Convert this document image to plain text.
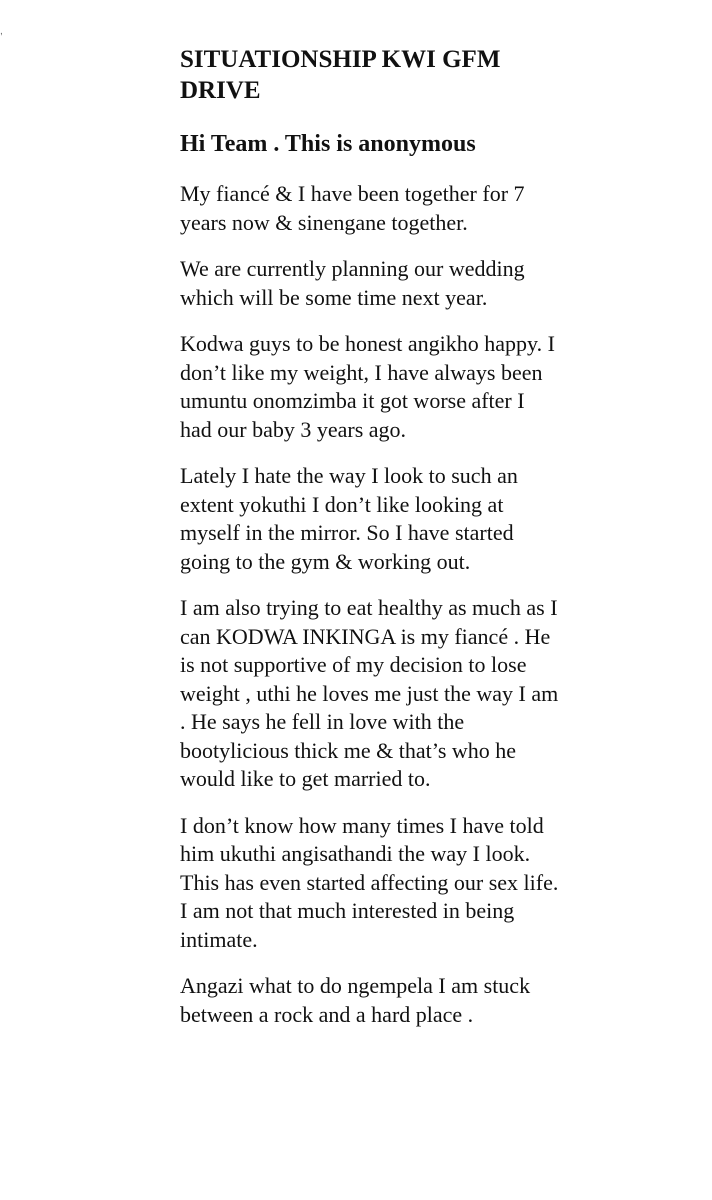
,
SITUATIONSHIP KWI GFM DRIVE
Hi Team . This is anonymous

My fiancé & I have been together for 7
years now & sinengane together.

We are currently planning our wedding
which will be some time next year.

Kodwa guys to be honest angikho happy. I
don’t like my weight, I have always been
umuntu onomzimba it got worse after I
had our baby 3 years ago.

Lately I hate the way I look to such an
extent yokuthi I don’t like looking at
myself in the mirror. So I have started
going to the gym & working out.

I am also trying to eat healthy as much as I
can KODWA INKINGA is my fiancé . He
is not supportive of my decision to lose
weight , uthi he loves me just the way I am
. He says he fell in love with the
bootylicious thick me & that’s who he
would like to get married to.

I don’t know how many times I have told
him ukuthi angisathandi the way I look.
This has even started affecting our sex life.
I am not that much interested in being
intimate.

Angazi what to do ngempela I am stuck
between a rock and a hard place .
